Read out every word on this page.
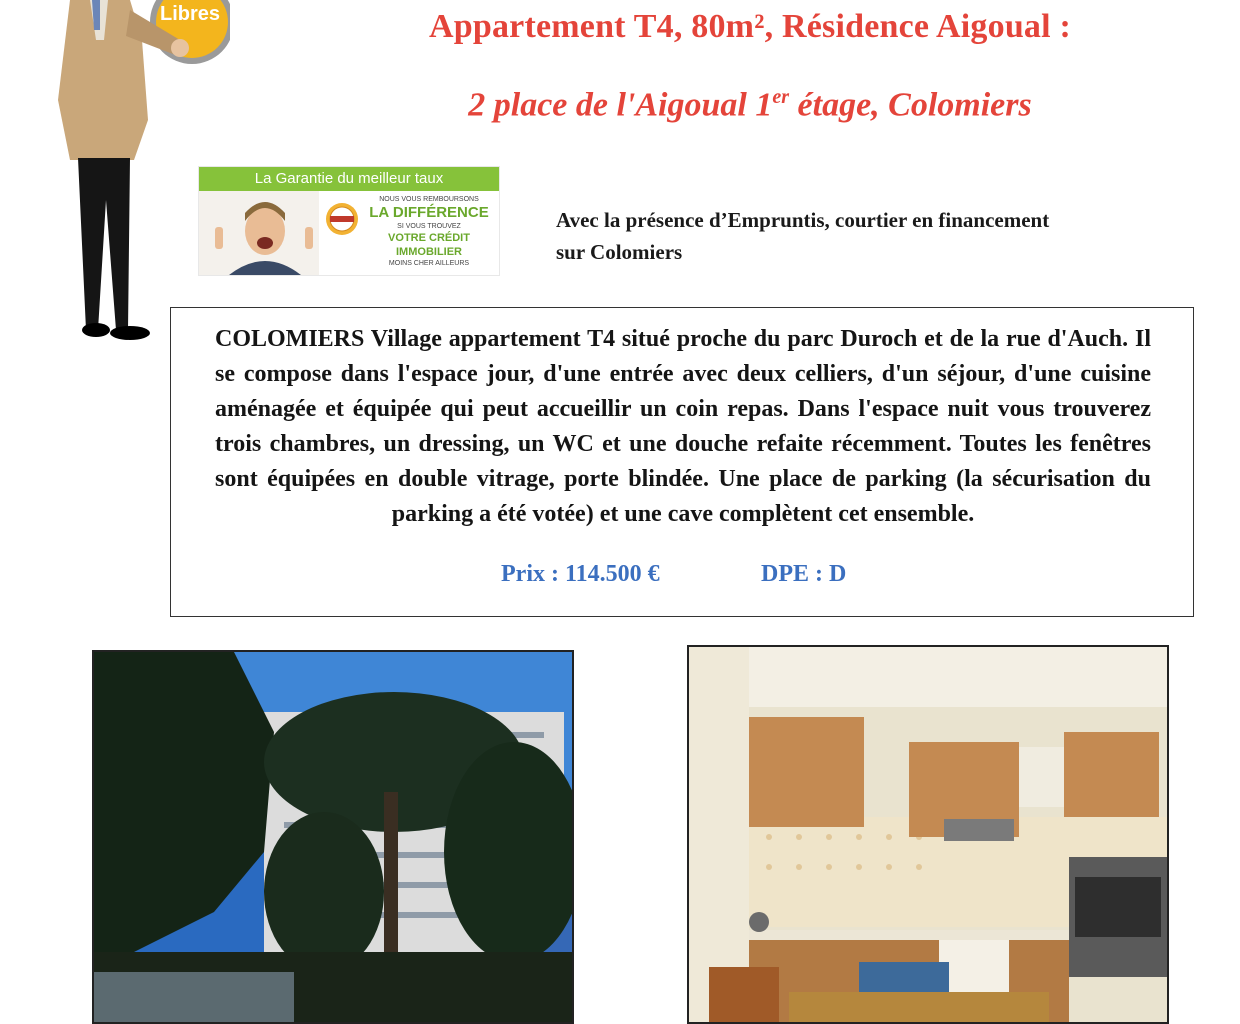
Libres	Appartement T4, 80m², Résidence Aigoual :
2 place de l'Aigoual 1er étage, Colomiers
La Garantie du meilleur taux
NOUS VOUS REMBOURSONS
LA DIFFÉRENCE
SI VOUS TROUVEZ
VOTRE CRÉDIT IMMOBILIER
MOINS CHER AILLEURS
Avec la présence d’Empruntis, courtier en financement
sur Colomiers
COLOMIERS Village appartement T4 situé proche du parc Duroch et de la rue d'Auch. Il se compose dans l'espace jour, d'une entrée avec deux celliers, d'un séjour, d'une cuisine aménagée et équipée qui peut accueillir un coin repas. Dans l'espace nuit vous trouverez trois chambres, un dressing, un WC et une douche refaite récemment. Toutes les fenêtres sont équipées en double vitrage, porte blindée. Une place de parking (la sécurisation du parking a été votée) et une cave complètent cet ensemble.
Prix : 114.500 €	DPE : D
